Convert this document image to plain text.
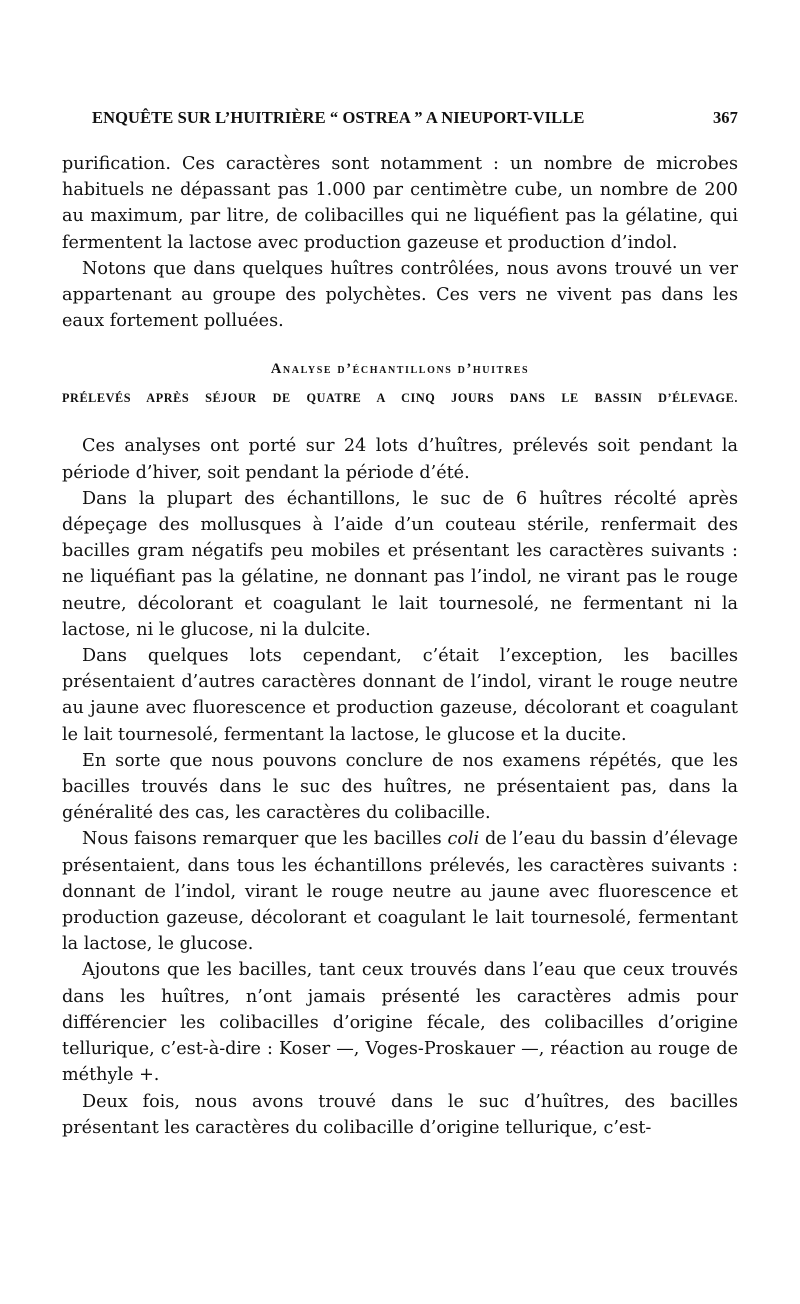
ENQUÊTE SUR L’HUITRIÈRE “ OSTREA ” A NIEUPORT-VILLE	367

purification. Ces caractères sont notamment : un nombre de microbes habituels ne dépassant pas 1.000 par centimètre cube, un nombre de 200 au maximum, par litre, de colibacilles qui ne liquéfient pas la gélatine, qui fermentent la lactose avec production gazeuse et production d’indol.

Notons que dans quelques huîtres contrôlées, nous avons trouvé un ver appartenant au groupe des polychètes. Ces vers ne vivent pas dans les eaux fortement polluées.

Analyse d’échantillons d’huitres

PRÉLEVÉS APRÈS SÉJOUR DE QUATRE A CINQ JOURS DANS LE BASSIN D’ÉLEVAGE.

Ces analyses ont porté sur 24 lots d’huîtres, prélevés soit pendant la période d’hiver, soit pendant la période d’été.

Dans la plupart des échantillons, le suc de 6 huîtres récolté après dépeçage des mollusques à l’aide d’un couteau stérile, renfermait des bacilles gram négatifs peu mobiles et présentant les caractères suivants : ne liquéfiant pas la gélatine, ne donnant pas l’indol, ne virant pas le rouge neutre, décolorant et coagulant le lait tournesolé, ne fermentant ni la lactose, ni le glucose, ni la dulcite.

Dans quelques lots cependant, c’était l’exception, les bacilles présentaient d’autres caractères donnant de l’indol, virant le rouge neutre au jaune avec fluorescence et production gazeuse, décolorant et coagulant le lait tournesolé, fermentant la lactose, le glucose et la ducite.

En sorte que nous pouvons conclure de nos examens répétés, que les bacilles trouvés dans le suc des huîtres, ne présentaient pas, dans la généralité des cas, les caractères du colibacille.

Nous faisons remarquer que les bacilles coli de l’eau du bassin d’élevage présentaient, dans tous les échantillons prélevés, les caractères suivants : donnant de l’indol, virant le rouge neutre au jaune avec fluorescence et production gazeuse, décolorant et coagulant le lait tournesolé, fermentant la lactose, le glucose.

Ajoutons que les bacilles, tant ceux trouvés dans l’eau que ceux trouvés dans les huîtres, n’ont jamais présenté les caractères admis pour différencier les colibacilles d’origine fécale, des colibacilles d’origine tellurique, c’est-à-dire : Koser —, Voges-Proskauer —, réaction au rouge de méthyle +.

Deux fois, nous avons trouvé dans le suc d’huîtres, des bacilles présentant les caractères du colibacille d’origine tellurique, c’est-
